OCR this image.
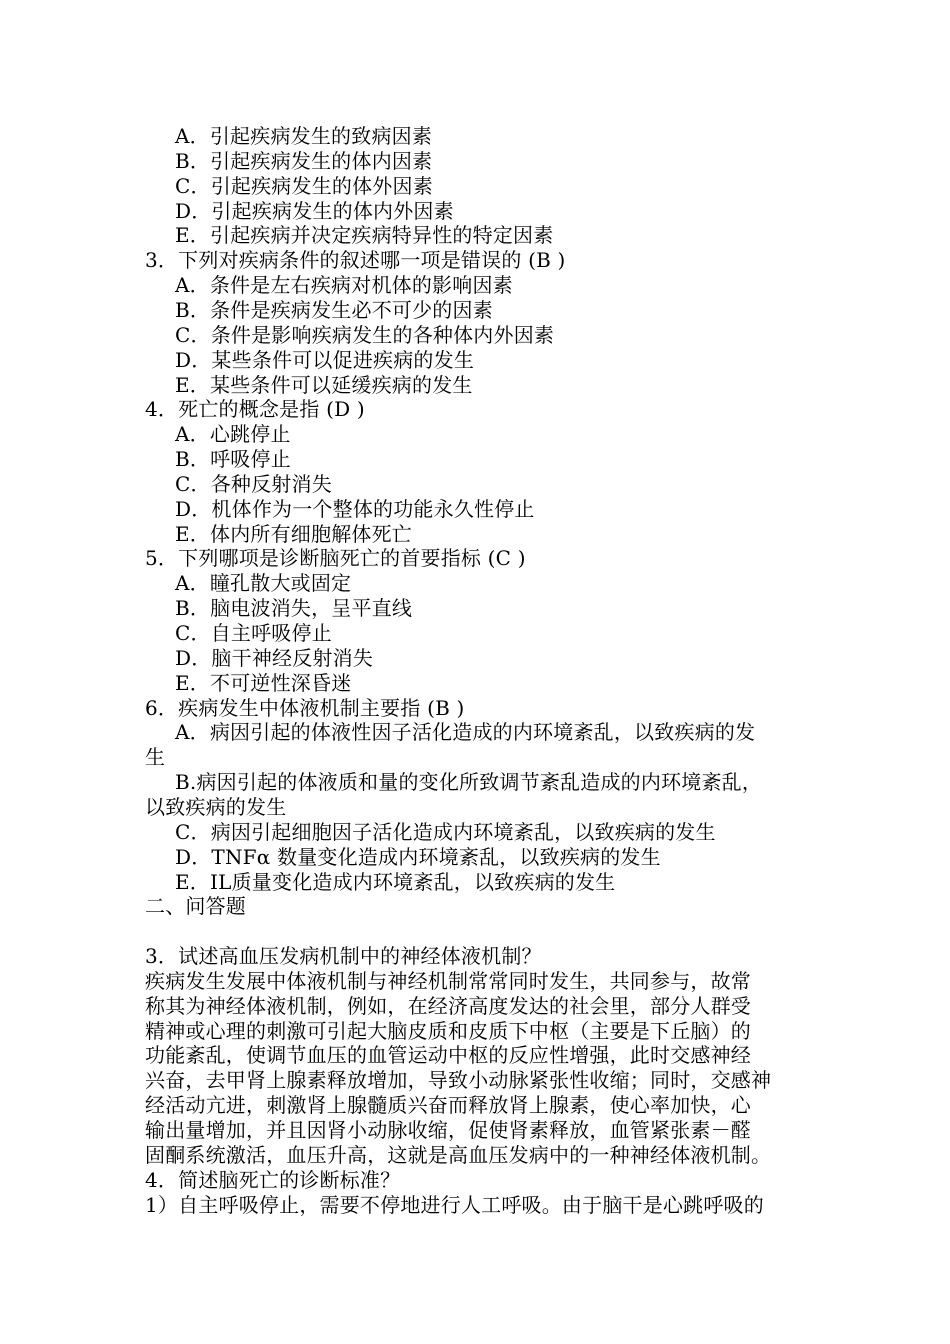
A．引起疾病发生的致病因素
B．引起疾病发生的体内因素
C．引起疾病发生的体外因素
D．引起疾病发生的体内外因素
E．引起疾病并决定疾病特异性的特定因素
3．下列对疾病条件的叙述哪一项是错误的 (B )
A．条件是左右疾病对机体的影响因素
B．条件是疾病发生必不可少的因素
C．条件是影响疾病发生的各种体内外因素
D．某些条件可以促进疾病的发生
E．某些条件可以延缓疾病的发生
4．死亡的概念是指 (D )
A．心跳停止
B．呼吸停止
C．各种反射消失
D．机体作为一个整体的功能永久性停止
E．体内所有细胞解体死亡
5．下列哪项是诊断脑死亡的首要指标 (C )
A．瞳孔散大或固定
B．脑电波消失，呈平直线
C．自主呼吸停止
D．脑干神经反射消失
E．不可逆性深昏迷
6．疾病发生中体液机制主要指 (B )
A．病因引起的体液性因子活化造成的内环境紊乱，以致疾病的发
生
B.病因引起的体液质和量的变化所致调节紊乱造成的内环境紊乱，
以致疾病的发生
C．病因引起细胞因子活化造成内环境紊乱，以致疾病的发生
D．TNFα 数量变化造成内环境紊乱，以致疾病的发生
E．IL质量变化造成内环境紊乱，以致疾病的发生
二、问答题
3．试述高血压发病机制中的神经体液机制？
疾病发生发展中体液机制与神经机制常常同时发生，共同参与，故常
称其为神经体液机制，例如，在经济高度发达的社会里，部分人群受
精神或心理的刺激可引起大脑皮质和皮质下中枢（主要是下丘脑）的
功能紊乱，使调节血压的血管运动中枢的反应性增强，此时交感神经
兴奋，去甲肾上腺素释放增加，导致小动脉紧张性收缩；同时，交感神
经活动亢进，刺激肾上腺髓质兴奋而释放肾上腺素，使心率加快，心
输出量增加，并且因肾小动脉收缩，促使肾素释放，血管紧张素－醛
固酮系统激活，血压升高，这就是高血压发病中的一种神经体液机制。
4．简述脑死亡的诊断标准？
1）自主呼吸停止，需要不停地进行人工呼吸。由于脑干是心跳呼吸的
